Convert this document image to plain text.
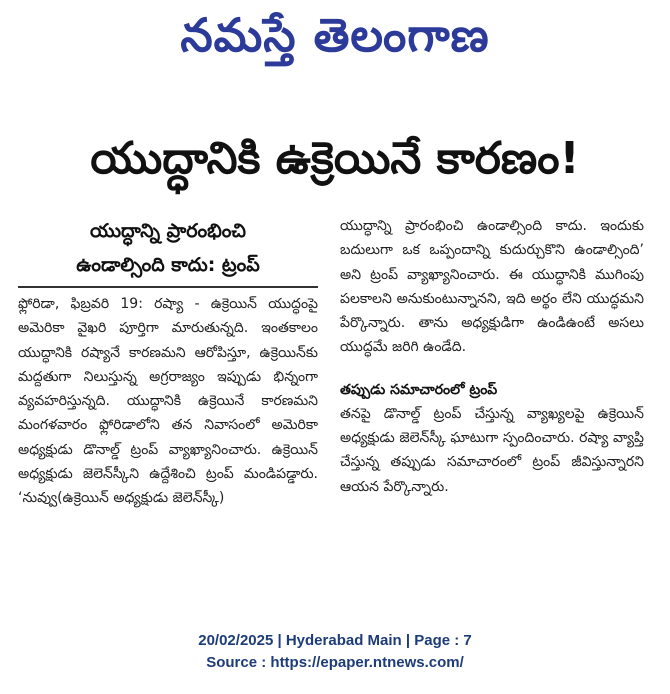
నమస్తే తెలంగాణ
యుద్ధానికి ఉక్రెయినే కారణం!
యుద్ధాన్ని ప్రారంభించి
ఉండాల్సింది కాదు: ట్రంప్

ఫ్లోరిడా, ఫిబ్రవరి 19: రష్యా - ఉక్రెయిన్ యుద్ధంపై అమెరికా వైఖరి పూర్తిగా మారుతున్నది. ఇంతకాలం యుద్ధానికి రష్యానే కారణమని ఆరోపిస్తూ, ఉక్రెయిన్‌కు మద్దతుగా నిలుస్తున్న అగ్రరాజ్యం ఇప్పుడు భిన్నంగా వ్యవహరిస్తున్నది. యుద్ధానికి ఉక్రెయినే కారణమని మంగళవారం ఫ్లోరిడాలోని తన నివాసంలో అమెరికా అధ్యక్షుడు డొనాల్డ్ ట్రంప్ వ్యాఖ్యానించారు. ఉక్రెయిన్ అధ్యక్షుడు జెలెన్‌స్కీని ఉద్దేశించి ట్రంప్ మండిపడ్డారు. ‘నువ్వు(ఉక్రెయిన్ అధ్యక్షుడు జెలెన్‌స్కీ)

యుద్ధాన్ని ప్రారంభించి ఉండాల్సింది కాదు. ఇందుకు బదులుగా ఒక ఒప్పందాన్ని కుదుర్చుకొని ఉండాల్సింది’ అని ట్రంప్ వ్యాఖ్యానించారు. ఈ యుద్ధానికి ముగింపు పలకాలని అనుకుంటున్నానని, ఇది అర్థం లేని యుద్ధమని పేర్కొన్నారు. తాను అధ్యక్షుడిగా ఉండిఉంటే అసలు యుద్ధమే జరిగి ఉండేది.

తప్పుడు సమాచారంలో ట్రంప్

తనపై డొనాల్డ్ ట్రంప్ చేస్తున్న వ్యాఖ్యలపై ఉక్రెయిన్ అధ్యక్షుడు జెలెన్‌స్కీ ఘాటుగా స్పందించారు. రష్యా వ్యాప్తి చేస్తున్న తప్పుడు సమాచారంలో ట్రంప్ జీవిస్తున్నారని ఆయన పేర్కొన్నారు.

20/02/2025 | Hyderabad Main | Page : 7
Source : https://epaper.ntnews.com/
